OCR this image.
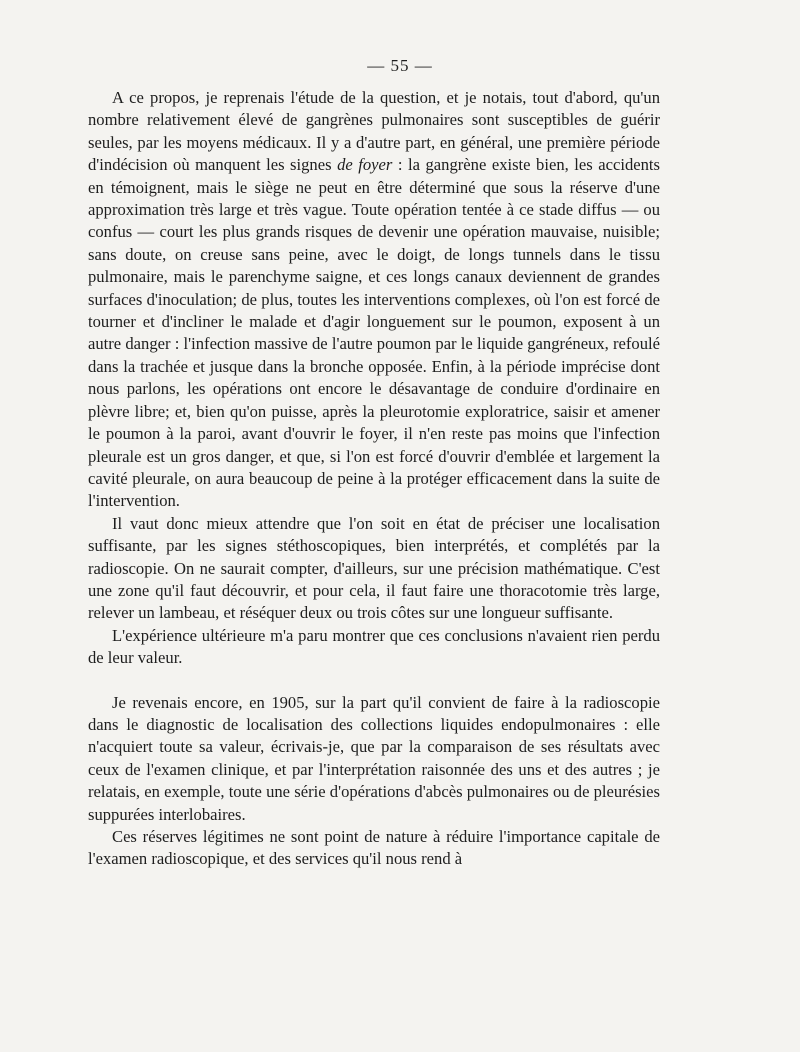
— 55 —

A ce propos, je reprenais l'étude de la question, et je notais, tout d'abord, qu'un nombre relativement élevé de gangrènes pulmonaires sont susceptibles de guérir seules, par les moyens médicaux. Il y a d'autre part, en général, une première période d'indécision où manquent les signes de foyer : la gangrène existe bien, les accidents en témoignent, mais le siège ne peut en être déterminé que sous la réserve d'une approximation très large et très vague. Toute opération tentée à ce stade diffus — ou confus — court les plus grands risques de devenir une opération mauvaise, nuisible; sans doute, on creuse sans peine, avec le doigt, de longs tunnels dans le tissu pulmonaire, mais le parenchyme saigne, et ces longs canaux deviennent de grandes surfaces d'inoculation; de plus, toutes les interventions complexes, où l'on est forcé de tourner et d'incliner le malade et d'agir longuement sur le poumon, exposent à un autre danger : l'infection massive de l'autre poumon par le liquide gangréneux, refoulé dans la trachée et jusque dans la bronche opposée. Enfin, à la période imprécise dont nous parlons, les opérations ont encore le désavantage de conduire d'ordinaire en plèvre libre; et, bien qu'on puisse, après la pleurotomie exploratrice, saisir et amener le poumon à la paroi, avant d'ouvrir le foyer, il n'en reste pas moins que l'infection pleurale est un gros danger, et que, si l'on est forcé d'ouvrir d'emblée et largement la cavité pleurale, on aura beaucoup de peine à la protéger efficacement dans la suite de l'intervention.

Il vaut donc mieux attendre que l'on soit en état de préciser une localisation suffisante, par les signes stéthoscopiques, bien interprétés, et complétés par la radioscopie. On ne saurait compter, d'ailleurs, sur une précision mathématique. C'est une zone qu'il faut découvrir, et pour cela, il faut faire une thoracotomie très large, relever un lambeau, et réséquer deux ou trois côtes sur une longueur suffisante.

L'expérience ultérieure m'a paru montrer que ces conclusions n'avaient rien perdu de leur valeur.

Je revenais encore, en 1905, sur la part qu'il convient de faire à la radioscopie dans le diagnostic de localisation des collections liquides endopulmonaires : elle n'acquiert toute sa valeur, écrivais-je, que par la comparaison de ses résultats avec ceux de l'examen clinique, et par l'interprétation raisonnée des uns et des autres ; je relatais, en exemple, toute une série d'opérations d'abcès pulmonaires ou de pleurésies suppurées interlobaires.

Ces réserves légitimes ne sont point de nature à réduire l'importance capitale de l'examen radioscopique, et des services qu'il nous rend à
